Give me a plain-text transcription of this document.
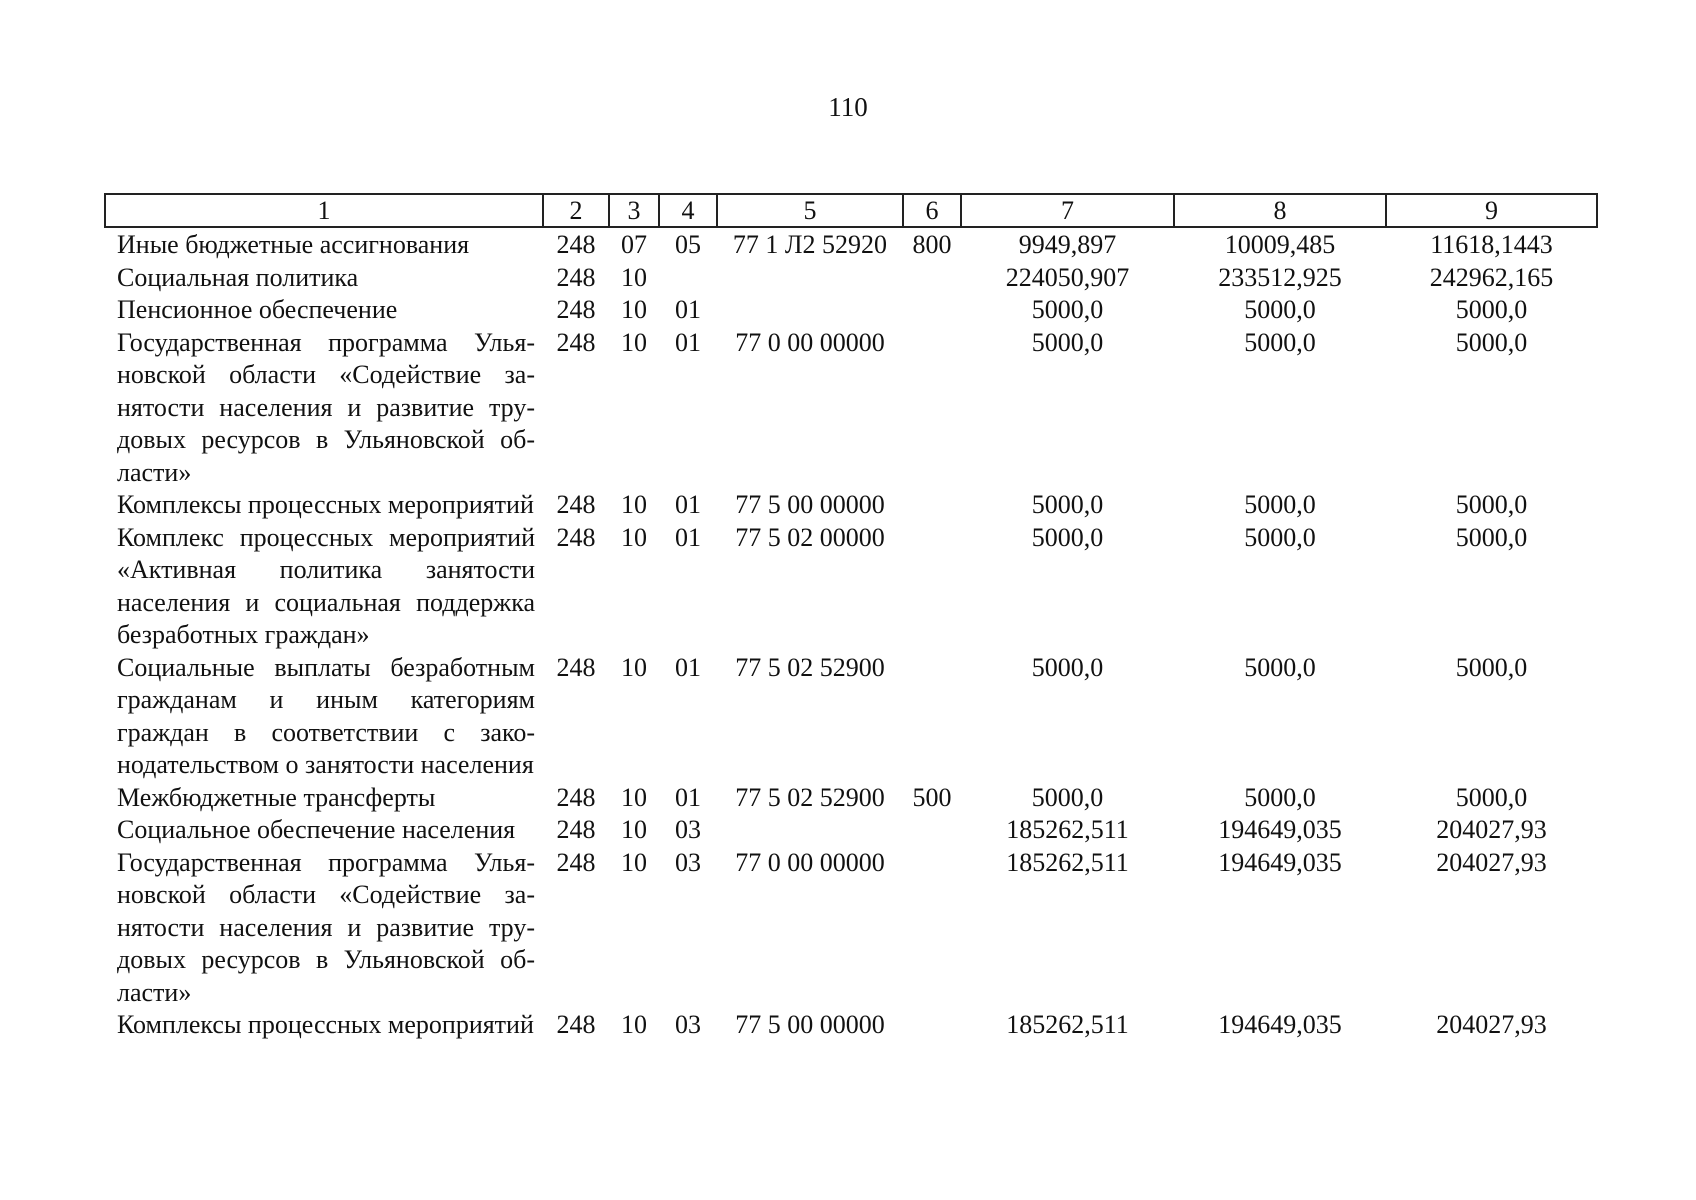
110
1	2	3	4	5	6	7	8	9
Иные бюджетные ассигнования	248	07	05	77 1 Л2 52920	800	9949,897	10009,485	11618,1443
Социальная политика	248	10				224050,907	233512,925	242962,165
Пенсионное обеспечение	248	10	01			5000,0	5000,0	5000,0
Государственная программа Ульяновской области «Содействие занятости населения и развитие трудовых ресурсов в Ульяновской области»	248	10	01	77 0 00 00000		5000,0	5000,0	5000,0
Комплексы процессных мероприятий	248	10	01	77 5 00 00000		5000,0	5000,0	5000,0
Комплекс процессных мероприятий «Активная политика занятости населения и социальная поддержка безработных граждан»	248	10	01	77 5 02 00000		5000,0	5000,0	5000,0
Социальные выплаты безработным гражданам и иным категориям граждан в соответствии с законодательством о занятости населения	248	10	01	77 5 02 52900		5000,0	5000,0	5000,0
Межбюджетные трансферты	248	10	01	77 5 02 52900	500	5000,0	5000,0	5000,0
Социальное обеспечение населения	248	10	03			185262,511	194649,035	204027,93
Государственная программа Ульяновской области «Содействие занятости населения и развитие трудовых ресурсов в Ульяновской области»	248	10	03	77 0 00 00000		185262,511	194649,035	204027,93
Комплексы процессных мероприятий	248	10	03	77 5 00 00000		185262,511	194649,035	204027,93
